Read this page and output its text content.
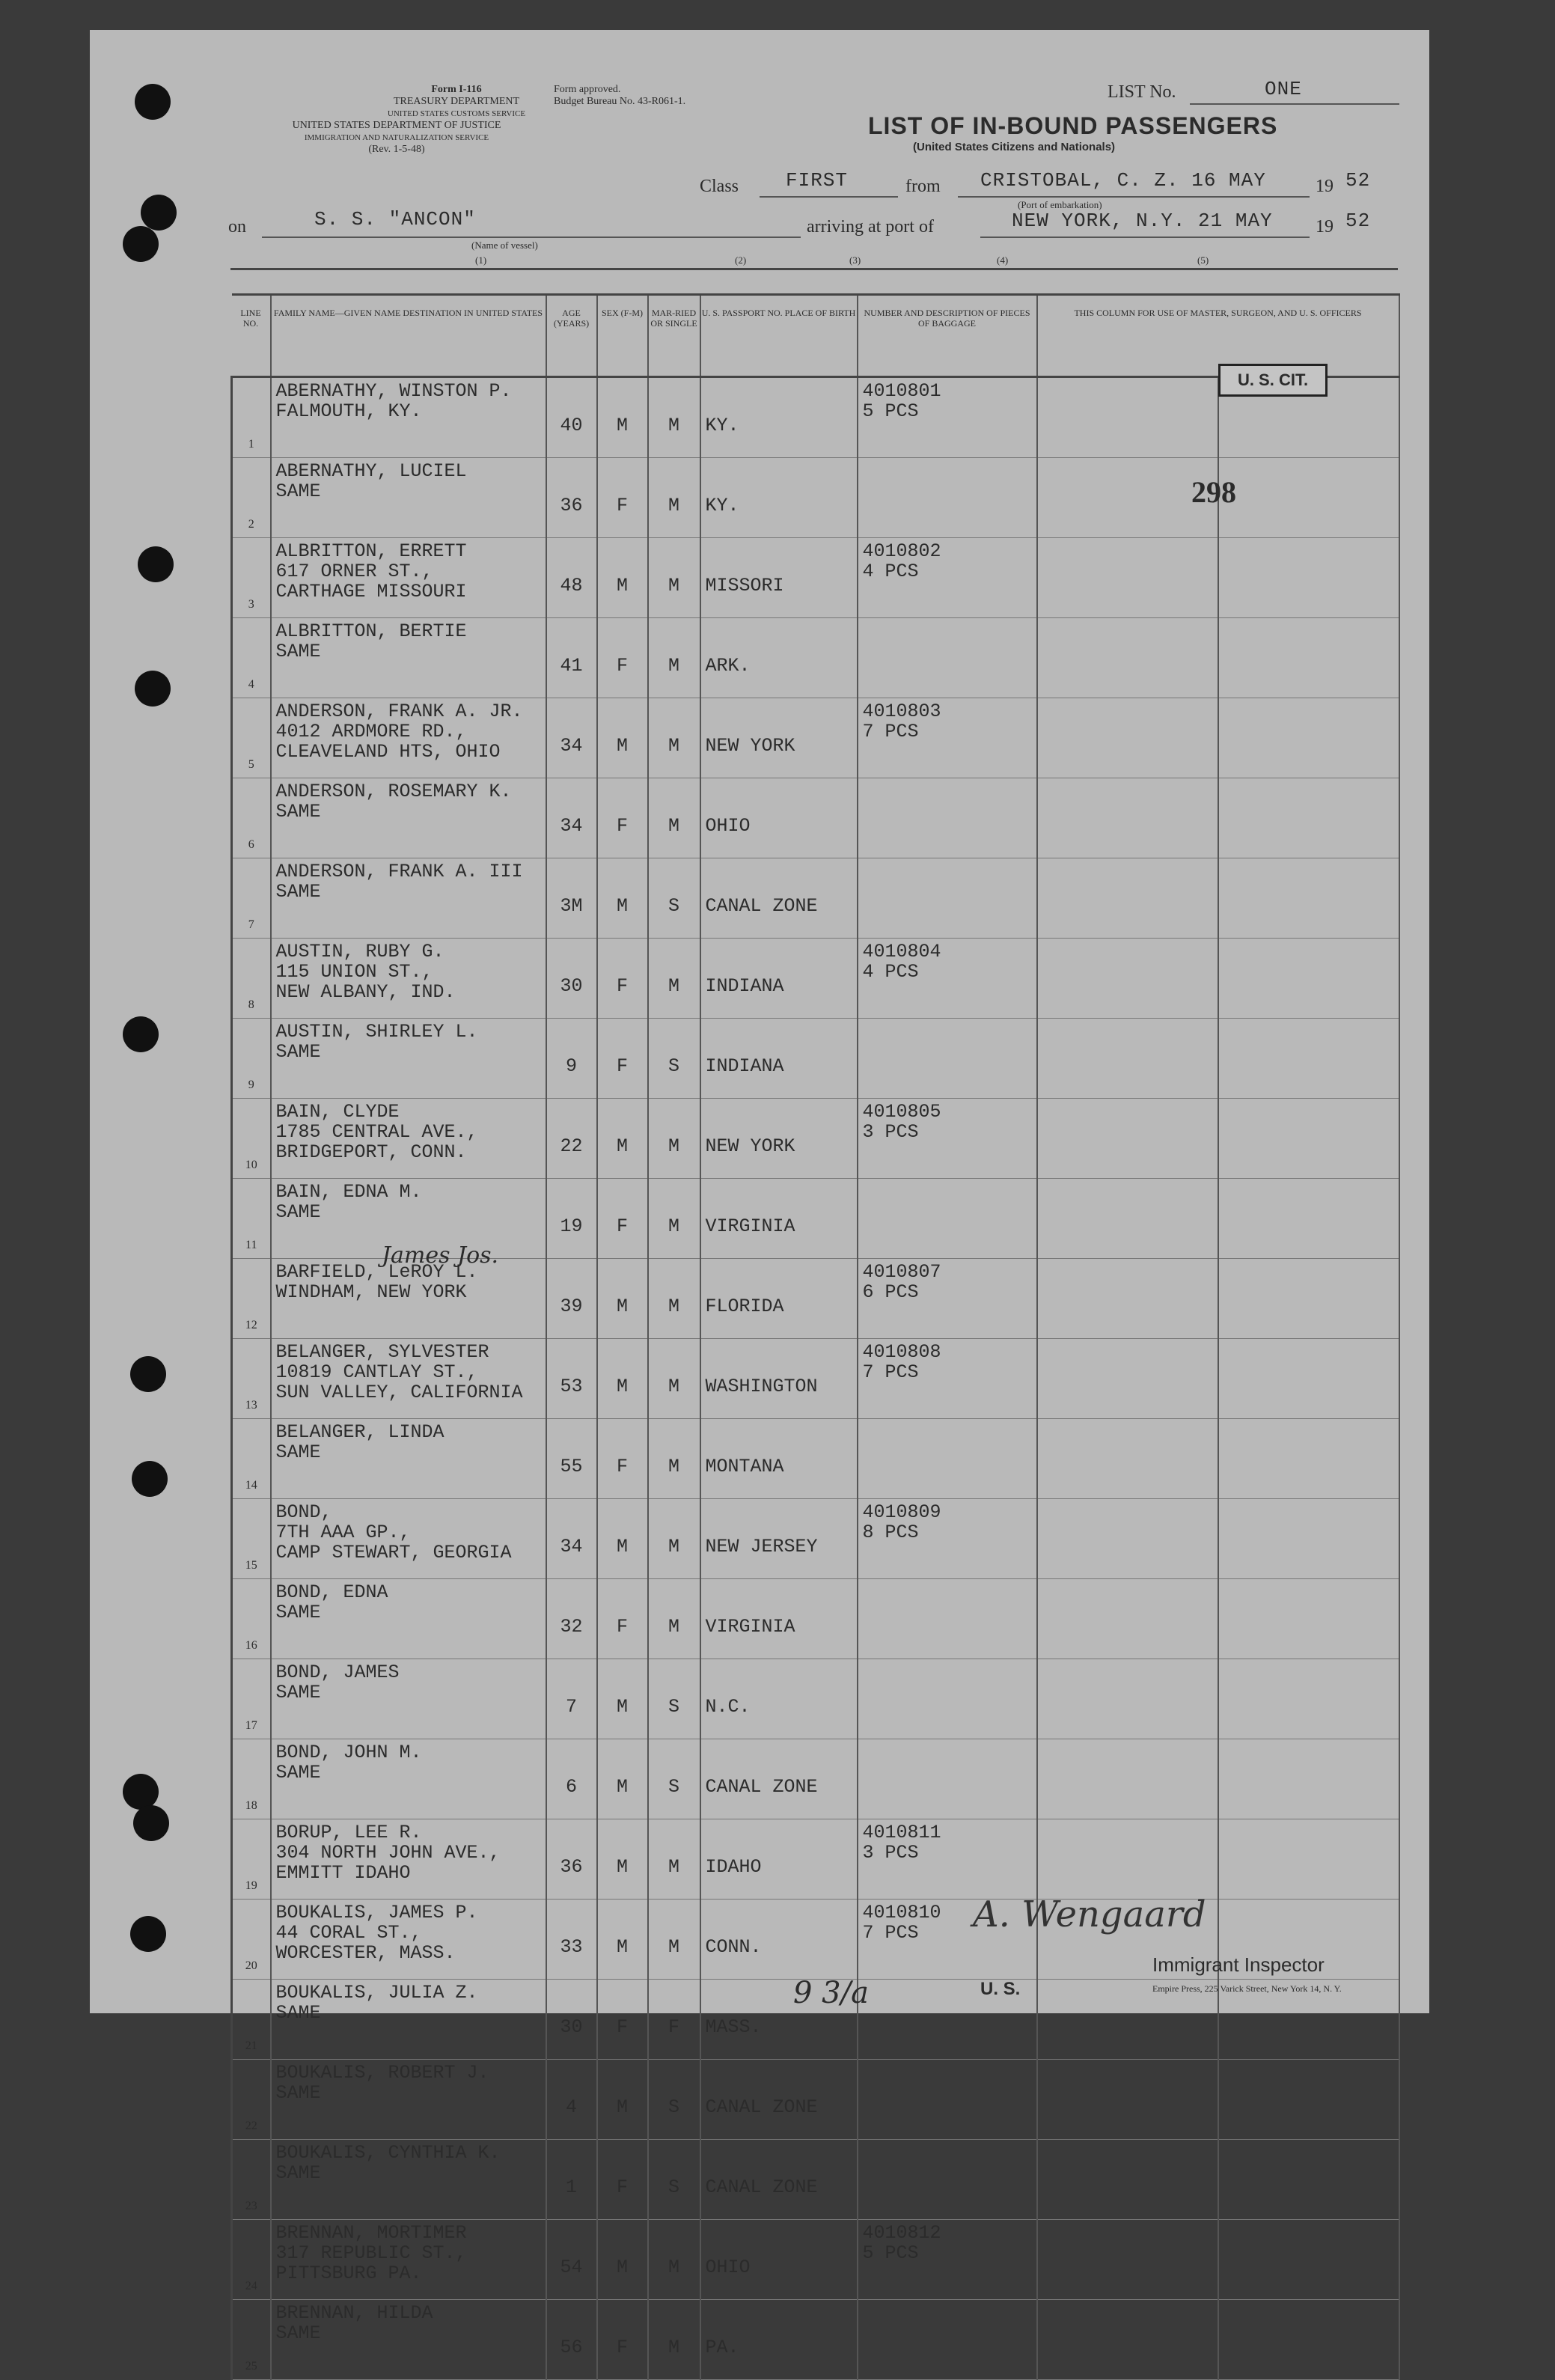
Form I-116
TREASURY DEPARTMENT
UNITED STATES CUSTOMS SERVICE
UNITED STATES DEPARTMENT OF JUSTICE
IMMIGRATION AND NATURALIZATION SERVICE
(Rev. 1-5-48)
Form approved.
Budget Bureau No. 43-R061-1.	LIST No.	ONE
LIST OF IN-BOUND PASSENGERS
(United States Citizens and Nationals)
Class FIRST	from CRISTOBAL, C. Z. 16 MAY	19 52
(Port of embarkation)
on	S. S. "ANCON"
(Name of vessel)
arriving at port of	NEW YORK, N.Y. 21 MAY 19 52
(1)	(2)	(3)	(4)	(5)
LINE NO.	FAMILY NAME—GIVEN NAME DESTINATION IN UNITED STATES	AGE (YEARS)	SEX (F-M)	MAR-RIED OR SINGLE	U. S. PASSPORT NO. PLACE OF BIRTH	NUMBER AND DESCRIPTION OF PIECES OF BAGGAGE	THIS COLUMN FOR USE OF MASTER, SURGEON, AND U. S. OFFICERS	
1	ABERNATHY, WINSTON P.
FALMOUTH, KY.	40	M	M	KY.	4010801
5 PCS		
2	ABERNATHY, LUCIEL
SAME	36	F	M	KY.			
3	ALBRITTON, ERRETT
617 ORNER ST.,
CARTHAGE MISSOURI	48	M	M	MISSORI	4010802
4 PCS		
4	ALBRITTON, BERTIE
SAME	41	F	M	ARK.			
5	ANDERSON, FRANK A. JR.
4012 ARDMORE RD.,
CLEAVELAND HTS, OHIO	34	M	M	NEW YORK	4010803
7 PCS		
6	ANDERSON, ROSEMARY K.
SAME	34	F	M	OHIO			
7	ANDERSON, FRANK A. III
SAME	3M	M	S	CANAL ZONE			
8	AUSTIN, RUBY G.
115 UNION ST.,
NEW ALBANY, IND.	30	F	M	INDIANA	4010804
4 PCS		
9	AUSTIN, SHIRLEY L.
SAME	9	F	S	INDIANA			
10	BAIN, CLYDE
1785 CENTRAL AVE.,
BRIDGEPORT, CONN.	22	M	M	NEW YORK	4010805
3 PCS		
11	BAIN, EDNA M.
SAME	19	F	M	VIRGINIA			
12	BARFIELD, LeROY L.
WINDHAM, NEW YORK	39	M	M	FLORIDA	4010807
6 PCS		
13	BELANGER, SYLVESTER
10819 CANTLAY ST.,
SUN VALLEY, CALIFORNIA	53	M	M	WASHINGTON	4010808
7 PCS		
14	BELANGER, LINDA
SAME	55	F	M	MONTANA			
15	BOND,
7TH AAA GP.,
CAMP STEWART, GEORGIA	34	M	M	NEW JERSEY	4010809
8 PCS		
16	BOND, EDNA
SAME	32	F	M	VIRGINIA			
17	BOND, JAMES
SAME	7	M	S	N.C.			
18	BOND, JOHN M.
SAME	6	M	S	CANAL ZONE			
19	BORUP, LEE R.
304 NORTH JOHN AVE.,
EMMITT IDAHO	36	M	M	IDAHO	4010811
3 PCS		
20	BOUKALIS, JAMES P.
44 CORAL ST.,
WORCESTER, MASS.	33	M	M	CONN.	4010810
7 PCS		
21	BOUKALIS, JULIA Z.
SAME	30	F	F	MASS.			
22	BOUKALIS, ROBERT J.
SAME	4	M	S	CANAL ZONE			
23	BOUKALIS, CYNTHIA K.
SAME	1	F	S	CANAL ZONE			
24	BRENNAN, MORTIMER
317 REPUBLIC ST.,
PITTSBURG PA.	54	M	M	OHIO	4010812
5 PCS		
25	BRENNAN, HILDA
SAME	56	F	M	PA.			
U. S. CIT.
298
James Jos.
A. Wengaard
Immigrant Inspector
U. S.	Empire Press, 225 Varick Street, New York 14, N. Y.
9 3/a
